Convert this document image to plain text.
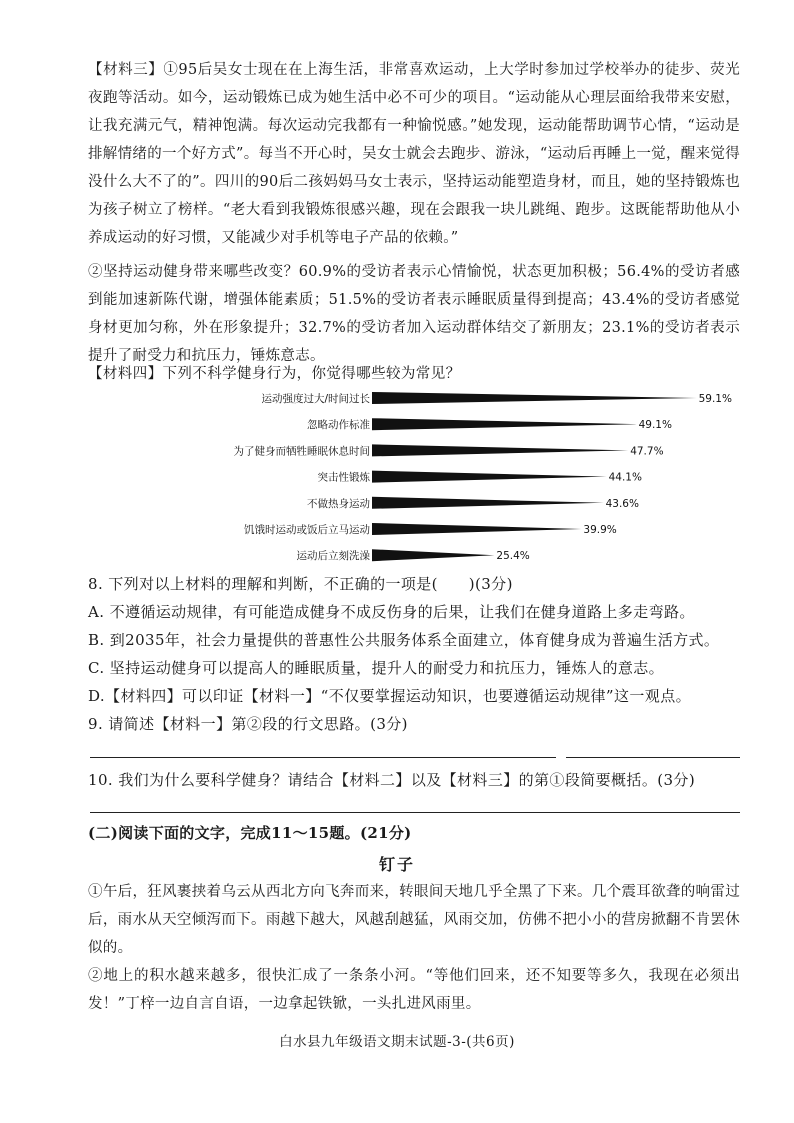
【材料三】①95后吴女士现在在上海生活，非常喜欢运动，上大学时参加过学校举办的徒步、荧光夜跑等活动。如今，运动锻炼已成为她生活中必不可少的项目。“运动能从心理层面给我带来安慰，让我充满元气，精神饱满。每次运动完我都有一种愉悦感。”她发现，运动能帮助调节心情，“运动是排解情绪的一个好方式”。每当不开心时，吴女士就会去跑步、游泳，“运动后再睡上一觉，醒来觉得没什么大不了的”。四川的90后二孩妈妈马女士表示，坚持运动能塑造身材，而且，她的坚持锻炼也为孩子树立了榜样。“老大看到我锻炼很感兴趣，现在会跟我一块儿跳绳、跑步。这既能帮助他从小养成运动的好习惯，又能减少对手机等电子产品的依赖。”

②坚持运动健身带来哪些改变？60.9%的受访者表示心情愉悦，状态更加积极；56.4%的受访者感到能加速新陈代谢，增强体能素质；51.5%的受访者表示睡眠质量得到提高；43.4%的受访者感觉身材更加匀称，外在形象提升；32.7%的受访者加入运动群体结交了新朋友；23.1%的受访者表示提升了耐受力和抗压力，锤炼意志。

【材料四】下列不科学健身行为，你觉得哪些较为常见？

运动强度过大/时间过长	59.1%
忽略动作标准	49.1%
为了健身而牺牲睡眠休息时间	47.7%
突击性锻炼	44.1%
不做热身运动	43.6%
饥饿时运动或饭后立马运动	39.9%
运动后立刻洗澡	25.4%

8. 下列对以上材料的理解和判断，不正确的一项是(　　)(3分)

A. 不遵循运动规律，有可能造成健身不成反伤身的后果，让我们在健身道路上多走弯路。

B. 到2035年，社会力量提供的普惠性公共服务体系全面建立，体育健身成为普遍生活方式。

C. 坚持运动健身可以提高人的睡眠质量，提升人的耐受力和抗压力，锤炼人的意志。

D.【材料四】可以印证【材料一】“不仅要掌握运动知识，也要遵循运动规律”这一观点。

9. 请简述【材料一】第②段的行文思路。(3分)

10. 我们为什么要科学健身？请结合【材料二】以及【材料三】的第①段简要概括。(3分)

(二)阅读下面的文字，完成11～15题。(21分)
钉子

①午后，狂风裹挟着乌云从西北方向飞奔而来，转眼间天地几乎全黑了下来。几个震耳欲聋的响雷过后，雨水从天空倾泻而下。雨越下越大，风越刮越猛，风雨交加，仿佛不把小小的营房掀翻不肯罢休似的。

②地上的积水越来越多，很快汇成了一条条小河。“等他们回来，还不知要等多久，我现在必须出发！”丁梓一边自言自语，一边拿起铁锨，一头扎进风雨里。

白水县九年级语文期末试题-3-(共6页)
